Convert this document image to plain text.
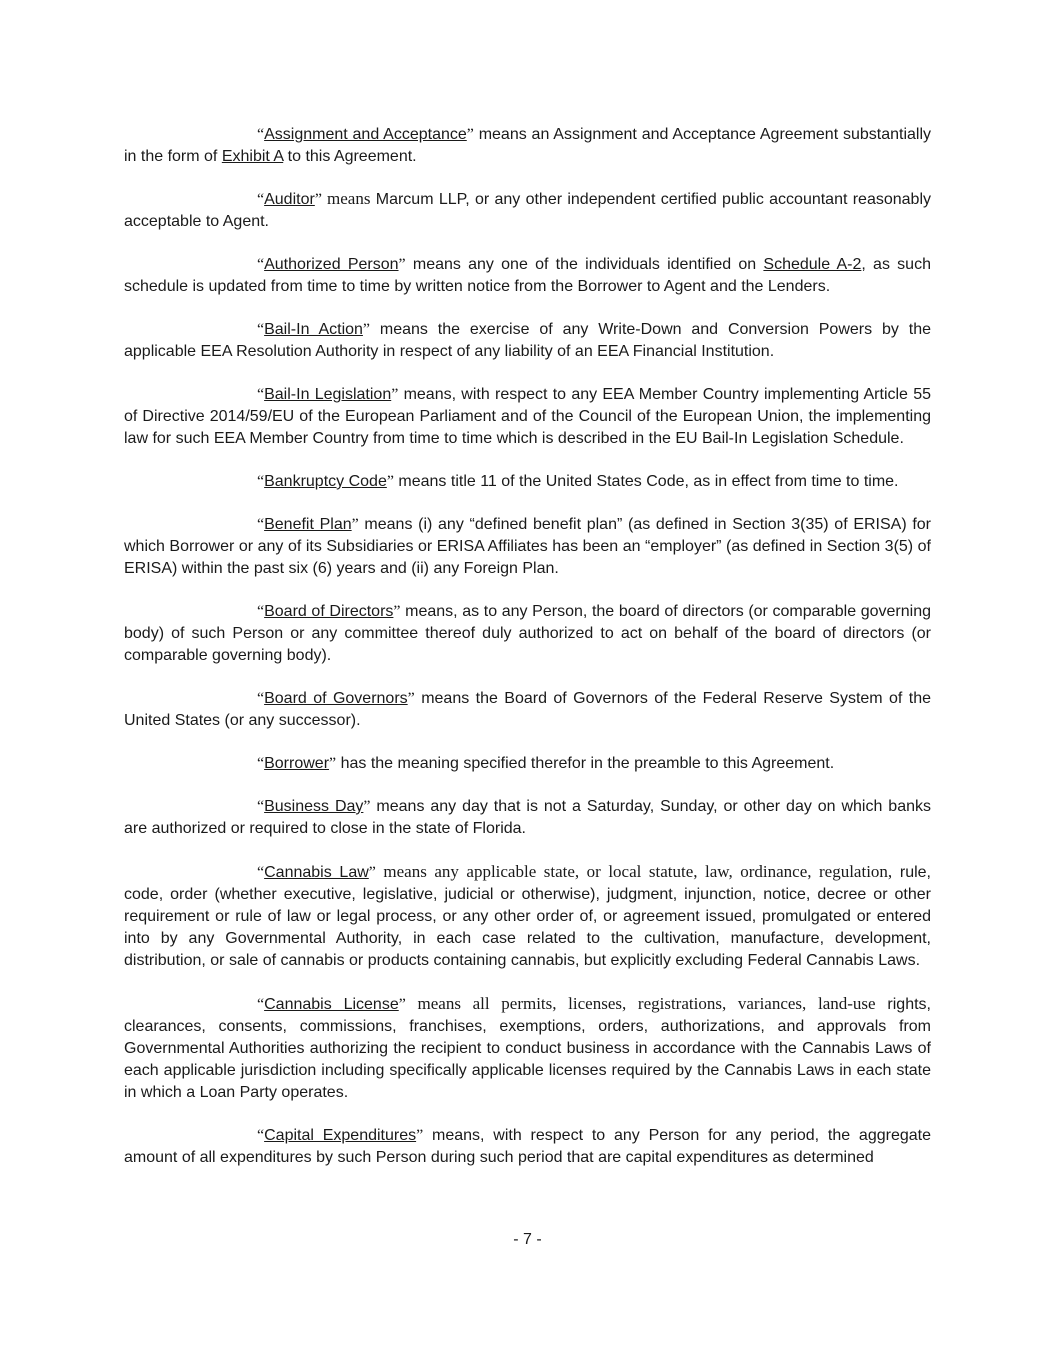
“Assignment and Acceptance” means an Assignment and Acceptance Agreement substantially in the form of Exhibit A to this Agreement.

“Auditor” means Marcum LLP, or any other independent certified public accountant reasonably acceptable to Agent.

“Authorized Person” means any one of the individuals identified on Schedule A-2, as such schedule is updated from time to time by written notice from the Borrower to Agent and the Lenders.

“Bail-In Action” means the exercise of any Write-Down and Conversion Powers by the applicable EEA Resolution Authority in respect of any liability of an EEA Financial Institution.

“Bail-In Legislation” means, with respect to any EEA Member Country implementing Article 55 of Directive 2014/59/EU of the European Parliament and of the Council of the European Union, the implementing law for such EEA Member Country from time to time which is described in the EU Bail-In Legislation Schedule.

“Bankruptcy Code” means title 11 of the United States Code, as in effect from time to time.

“Benefit Plan” means (i) any “defined benefit plan” (as defined in Section 3(35) of ERISA) for which Borrower or any of its Subsidiaries or ERISA Affiliates has been an “employer” (as defined in Section 3(5) of ERISA) within the past six (6) years and (ii) any Foreign Plan.

“Board of Directors” means, as to any Person, the board of directors (or comparable governing body) of such Person or any committee thereof duly authorized to act on behalf of the board of directors (or comparable governing body).

“Board of Governors” means the Board of Governors of the Federal Reserve System of the United States (or any successor).

“Borrower” has the meaning specified therefor in the preamble to this Agreement.

“Business Day” means any day that is not a Saturday, Sunday, or other day on which banks are authorized or required to close in the state of Florida.

“Cannabis Law” means any applicable state, or local statute, law, ordinance, regulation, rule, code, order (whether executive, legislative, judicial or otherwise), judgment, injunction, notice, decree or other requirement or rule of law or legal process, or any other order of, or agreement issued, promulgated or entered into by any Governmental Authority, in each case related to the cultivation, manufacture, development, distribution, or sale of cannabis or products containing cannabis, but explicitly excluding Federal Cannabis Laws.

“Cannabis License” means all permits, licenses, registrations, variances, land-use rights, clearances, consents, commissions, franchises, exemptions, orders, authorizations, and approvals from Governmental Authorities authorizing the recipient to conduct business in accordance with the Cannabis Laws of each applicable jurisdiction including specifically applicable licenses required by the Cannabis Laws in each state in which a Loan Party operates.

“Capital Expenditures” means, with respect to any Person for any period, the aggregate amount of all expenditures by such Person during such period that are capital expenditures as determined

- 7 -
